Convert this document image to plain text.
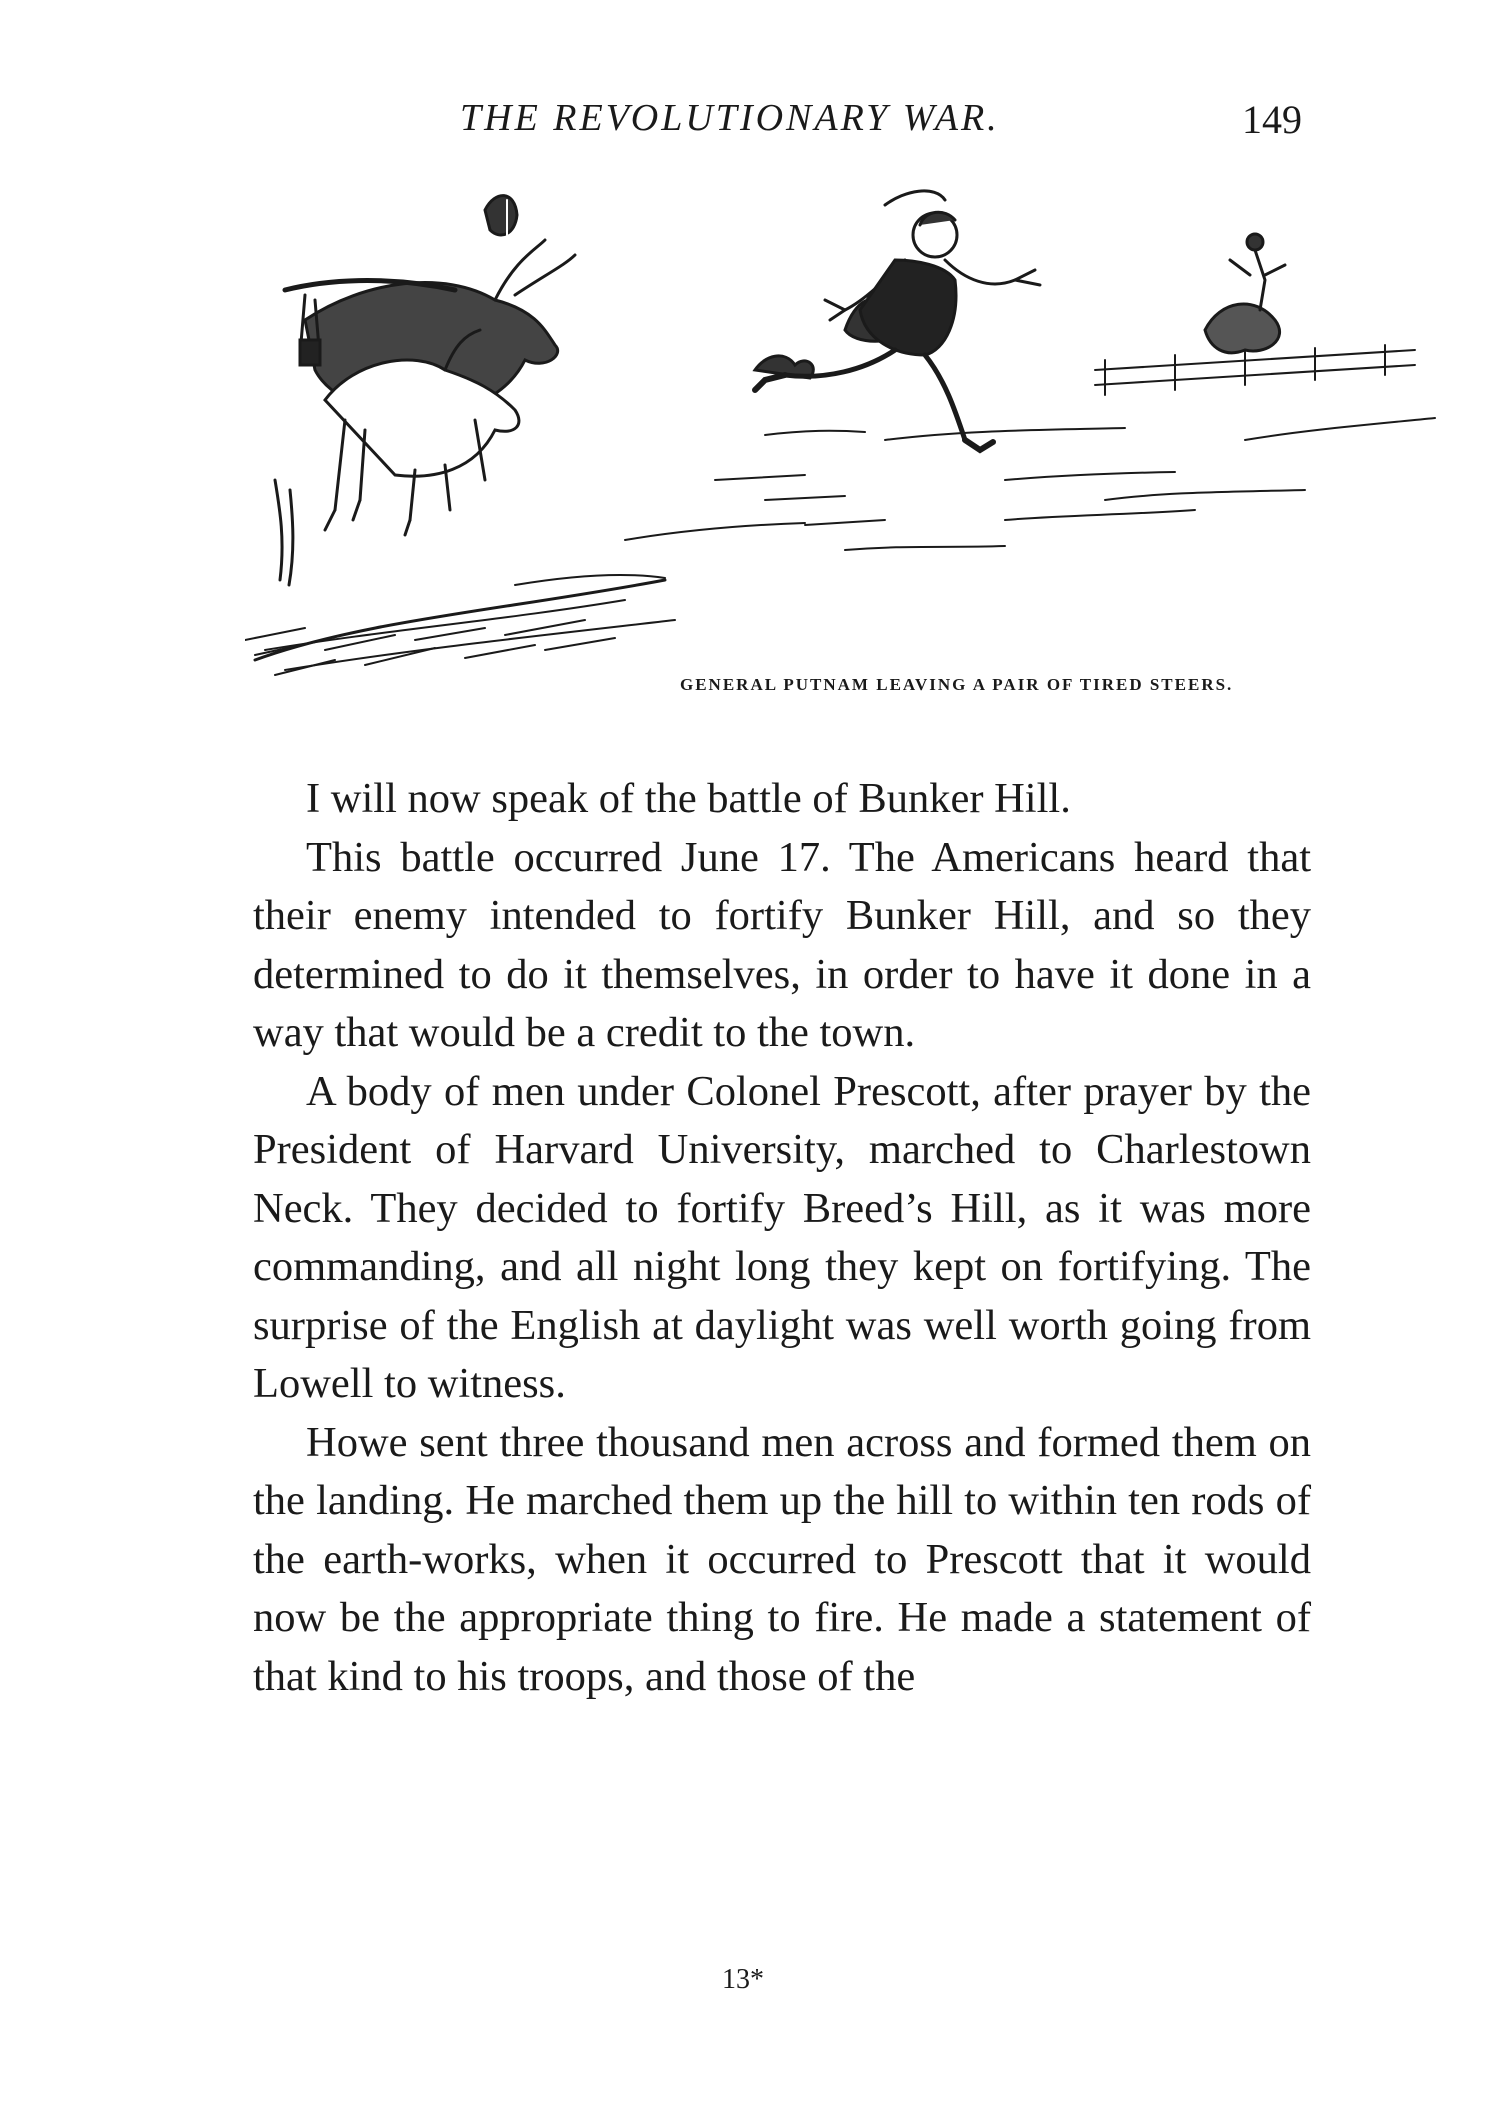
THE REVOLUTIONARY WAR.	149
GENERAL PUTNAM LEAVING A PAIR OF TIRED STEERS.

I will now speak of the battle of Bunker Hill.

This battle occurred June 17. The Americans heard that their enemy intended to fortify Bunker Hill, and so they determined to do it themselves, in order to have it done in a way that would be a credit to the town.

A body of men under Colonel Prescott, after prayer by the President of Harvard University, marched to Charlestown Neck. They decided to fortify Breed’s Hill, as it was more commanding, and all night long they kept on fortifying. The surprise of the English at daylight was well worth going from Lowell to witness.

Howe sent three thousand men across and formed them on the landing. He marched them up the hill to within ten rods of the earth-works, when it occurred to Prescott that it would now be the appropriate thing to fire. He made a statement of that kind to his troops, and those of the

13*
